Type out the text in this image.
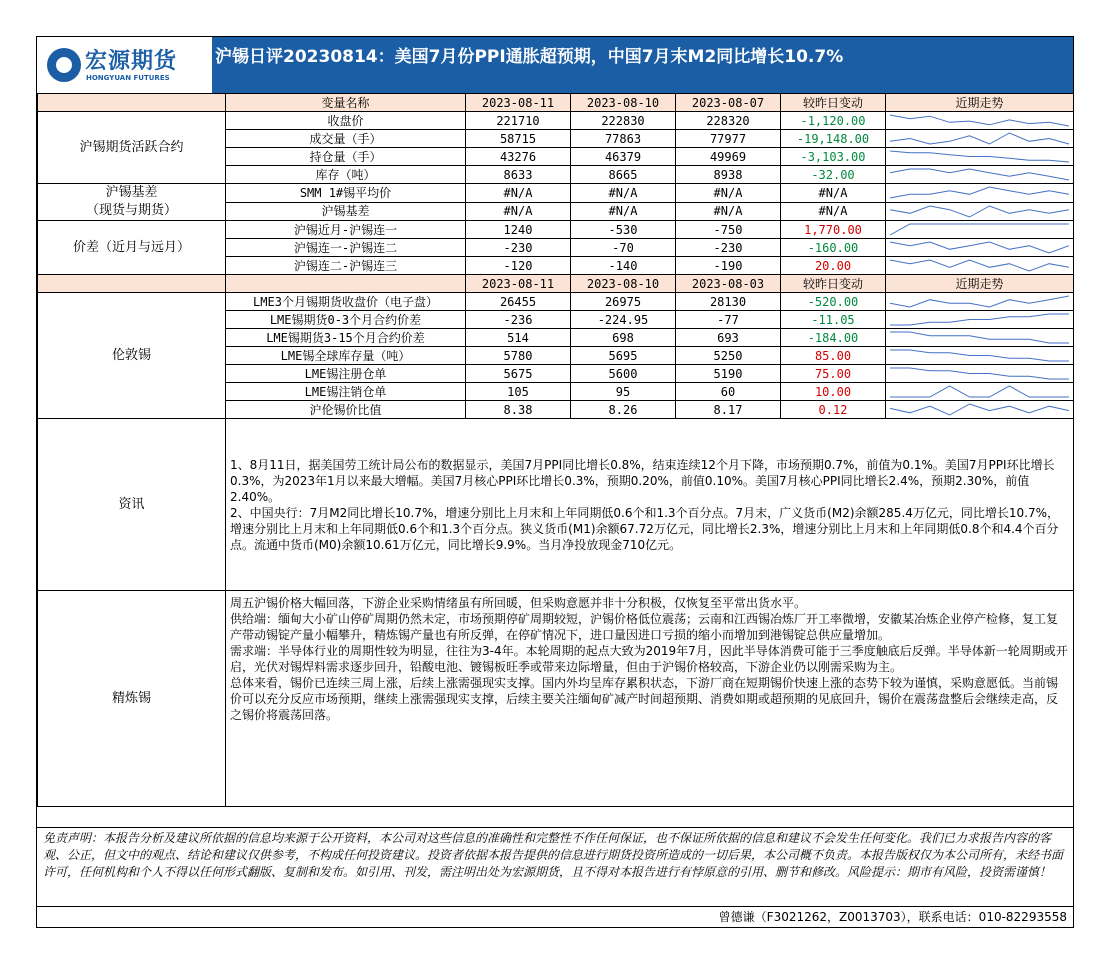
宏源期货
HONGYUAN FUTURES
沪锡日评20230814：美国7月份PPI通胀超预期，中国7月末M2同比增长10.7%
	变量名称	2023-08-11	2023-08-10	2023-08-07	较昨日变动	近期走势
沪锡期货活跃合约	收盘价	221710	222830	228320	-1,120.00	

	成交量（手）	58715	77863	77977	-19,148.00	

	持仓量（手）	43276	46379	49969	-3,103.00	

	库存（吨）	8633	8665	8938	-32.00	

沪锡基差
（现货与期货）	SMM 1#锡平均价	#N/A	#N/A	#N/A	#N/A	

	沪锡基差	#N/A	#N/A	#N/A	#N/A	

价差（近月与远月）	沪锡近月-沪锡连一	1240	-530	-750	1,770.00	

	沪锡连一-沪锡连二	-230	-70	-230	-160.00	

	沪锡连二-沪锡连三	-120	-140	-190	20.00	

		2023-08-11	2023-08-10	2023-08-03	较昨日变动	近期走势
伦敦锡	LME3个月锡期货收盘价（电子盘）	26455	26975	28130	-520.00	

	LME锡期货0-3个月合约价差	-236	-224.95	-77	-11.05	

	LME锡期货3-15个月合约价差	514	698	693	-184.00	

	LME锡全球库存量（吨）	5780	5695	5250	85.00	

	LME锡注册仓单	5675	5600	5190	75.00	

	LME锡注销仓单	105	95	60	10.00	

	沪伦锡价比值	8.38	8.26	8.17	0.12	

资讯	1、8月11日，据美国劳工统计局公布的数据显示，美国7月PPI同比增长0.8%，结束连续12个月下降，市场预期0.7%，前值为0.1%。美国7月PPI环比增长0.3%，为2023年1月以来最大增幅。美国7月核心PPI环比增长0.3%，预期0.20%，前值0.10%。美国7月核心PPI同比增长2.4%，预期2.30%，前值2.40%。

2、中国央行：7月M2同比增长10.7%，增速分别比上月末和上年同期低0.6个和1.3个百分点。7月末，广义货币(M2)余额285.4万亿元，同比增长10.7%，增速分别比上月末和上年同期低0.6个和1.3个百分点。狭义货币(M1)余额67.72万亿元，同比增长2.3%，增速分别比上月末和上年同期低0.8个和4.4个百分点。流通中货币(M0)余额10.61万亿元，同比增长9.9%。当月净投放现金710亿元。					

精炼锡	周五沪锡价格大幅回落，下游企业采购情绪虽有所回暖，但采购意愿并非十分积极，仅恢复至平常出货水平。

供给端：缅甸大小矿山停矿周期仍然未定，市场预期停矿周期较短，沪锡价格低位震荡；云南和江西锡冶炼厂开工率微增，安徽某冶炼企业停产检修，复工复产带动锡锭产量小幅攀升，精炼锡产量也有所反弹，在停矿情况下，进口量因进口亏损的缩小而增加到港锡锭总供应量增加。

需求端：半导体行业的周期性较为明显，往往为3-4年。本轮周期的起点大致为2019年7月，因此半导体消费可能于三季度触底后反弹。半导体新一轮周期或开启，光伏对锡焊料需求逐步回升，铅酸电池、镀锡板旺季或带来边际增量，但由于沪锡价格较高，下游企业仍以刚需采购为主。

总体来看，锡价已连续三周上涨，后续上涨需强现实支撑。国内外均呈库存累积状态，下游厂商在短期锡价快速上涨的态势下较为谨慎，采购意愿低。当前锡价可以充分反应市场预期，继续上涨需强现实支撑，后续主要关注缅甸矿减产时间超预期、消费如期或超预期的见底回升，锡价在震荡盘整后会继续走高，反之锡价将震荡回落。					

免责声明：本报告分析及建议所依据的信息均来源于公开资料，本公司对这些信息的准确性和完整性不作任何保证，也不保证所依据的信息和建议不会发生任何变化。我们已力求报告内容的客观、公正，但文中的观点、结论和建议仅供参考，不构成任何投资建议。投资者依据本报告提供的信息进行期货投资所造成的一切后果，本公司概不负责。本报告版权仅为本公司所有，未经书面许可，任何机构和个人不得以任何形式翻版、复制和发布。如引用、刊发，需注明出处为宏源期货，且不得对本报告进行有悖原意的引用、删节和修改。风险提示：期市有风险，投资需谨慎！
曾德谦（F3021262，Z0013703），联系电话：010-82293558
